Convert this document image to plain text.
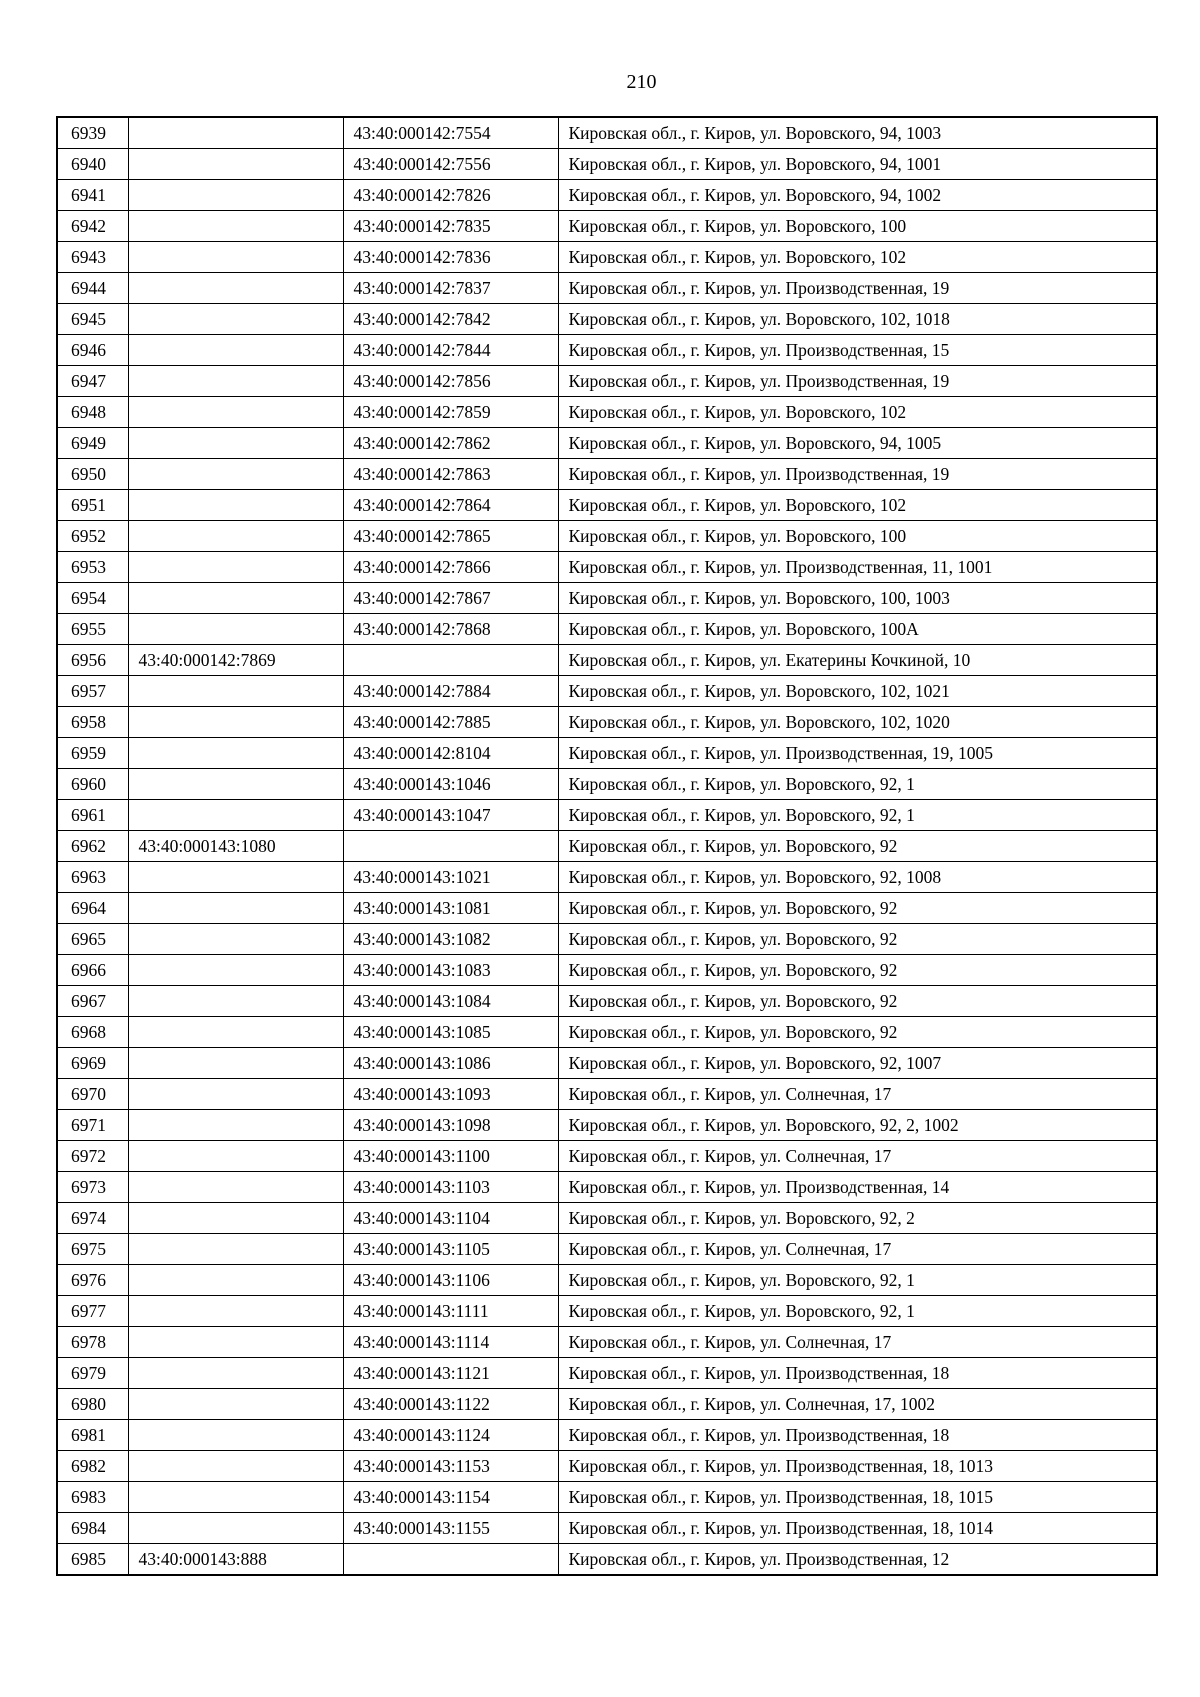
210
6939		43:40:000142:7554	Кировская обл., г. Киров, ул. Воровского, 94, 1003
6940		43:40:000142:7556	Кировская обл., г. Киров, ул. Воровского, 94, 1001
6941		43:40:000142:7826	Кировская обл., г. Киров, ул. Воровского, 94, 1002
6942		43:40:000142:7835	Кировская обл., г. Киров, ул. Воровского, 100
6943		43:40:000142:7836	Кировская обл., г. Киров, ул. Воровского, 102
6944		43:40:000142:7837	Кировская обл., г. Киров, ул. Производственная, 19
6945		43:40:000142:7842	Кировская обл., г. Киров, ул. Воровского, 102, 1018
6946		43:40:000142:7844	Кировская обл., г. Киров, ул. Производственная, 15
6947		43:40:000142:7856	Кировская обл., г. Киров, ул. Производственная, 19
6948		43:40:000142:7859	Кировская обл., г. Киров, ул. Воровского, 102
6949		43:40:000142:7862	Кировская обл., г. Киров, ул. Воровского, 94, 1005
6950		43:40:000142:7863	Кировская обл., г. Киров, ул. Производственная, 19
6951		43:40:000142:7864	Кировская обл., г. Киров, ул. Воровского, 102
6952		43:40:000142:7865	Кировская обл., г. Киров, ул. Воровского, 100
6953		43:40:000142:7866	Кировская обл., г. Киров, ул. Производственная, 11, 1001
6954		43:40:000142:7867	Кировская обл., г. Киров, ул. Воровского, 100, 1003
6955		43:40:000142:7868	Кировская обл., г. Киров, ул. Воровского, 100А
6956	43:40:000142:7869		Кировская обл., г. Киров, ул. Екатерины Кочкиной, 10
6957		43:40:000142:7884	Кировская обл., г. Киров, ул. Воровского, 102, 1021
6958		43:40:000142:7885	Кировская обл., г. Киров, ул. Воровского, 102, 1020
6959		43:40:000142:8104	Кировская обл., г. Киров, ул. Производственная, 19, 1005
6960		43:40:000143:1046	Кировская обл., г. Киров, ул. Воровского, 92, 1
6961		43:40:000143:1047	Кировская обл., г. Киров, ул. Воровского, 92, 1
6962	43:40:000143:1080		Кировская обл., г. Киров, ул. Воровского, 92
6963		43:40:000143:1021	Кировская обл., г. Киров, ул. Воровского, 92, 1008
6964		43:40:000143:1081	Кировская обл., г. Киров, ул. Воровского, 92
6965		43:40:000143:1082	Кировская обл., г. Киров, ул. Воровского, 92
6966		43:40:000143:1083	Кировская обл., г. Киров, ул. Воровского, 92
6967		43:40:000143:1084	Кировская обл., г. Киров, ул. Воровского, 92
6968		43:40:000143:1085	Кировская обл., г. Киров, ул. Воровского, 92
6969		43:40:000143:1086	Кировская обл., г. Киров, ул. Воровского, 92, 1007
6970		43:40:000143:1093	Кировская обл., г. Киров, ул. Солнечная, 17
6971		43:40:000143:1098	Кировская обл., г. Киров, ул. Воровского, 92, 2, 1002
6972		43:40:000143:1100	Кировская обл., г. Киров, ул. Солнечная, 17
6973		43:40:000143:1103	Кировская обл., г. Киров, ул. Производственная, 14
6974		43:40:000143:1104	Кировская обл., г. Киров, ул. Воровского, 92, 2
6975		43:40:000143:1105	Кировская обл., г. Киров, ул. Солнечная, 17
6976		43:40:000143:1106	Кировская обл., г. Киров, ул. Воровского, 92, 1
6977		43:40:000143:1111	Кировская обл., г. Киров, ул. Воровского, 92, 1
6978		43:40:000143:1114	Кировская обл., г. Киров, ул. Солнечная, 17
6979		43:40:000143:1121	Кировская обл., г. Киров, ул. Производственная, 18
6980		43:40:000143:1122	Кировская обл., г. Киров, ул. Солнечная, 17, 1002
6981		43:40:000143:1124	Кировская обл., г. Киров, ул. Производственная, 18
6982		43:40:000143:1153	Кировская обл., г. Киров, ул. Производственная, 18, 1013
6983		43:40:000143:1154	Кировская обл., г. Киров, ул. Производственная, 18, 1015
6984		43:40:000143:1155	Кировская обл., г. Киров, ул. Производственная, 18, 1014
6985	43:40:000143:888		Кировская обл., г. Киров, ул. Производственная, 12
